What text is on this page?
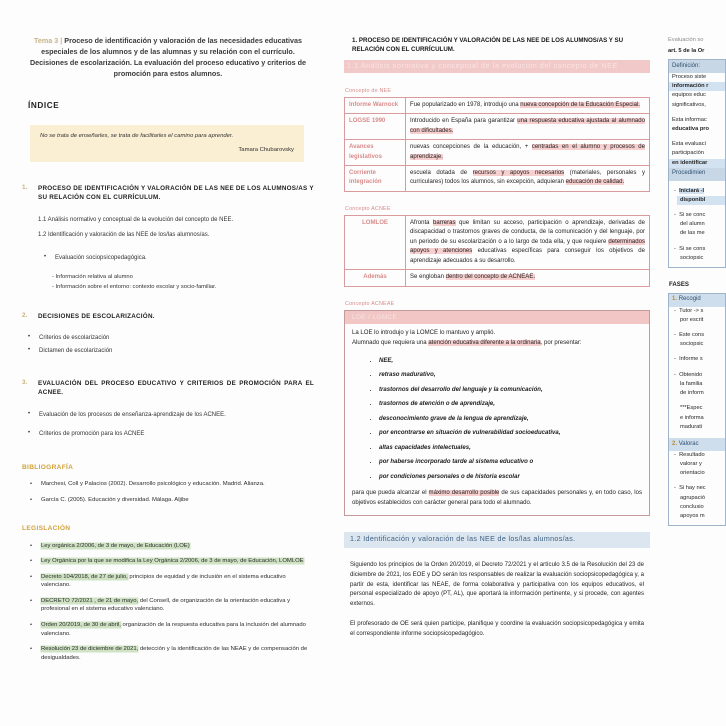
Tema 3 | Proceso de identificación y valoración de las necesidades educativas especiales de los alumnos y de las alumnas y su relación con el currículo. Decisiones de escolarización. La evaluación del proceso educativo y criterios de promoción para estos alumnos.
ÍNDICE
No se trata de enseñarles, se trata de facilitarles el camino para aprender.
Tamara Chubarovsky
1.	PROCESO DE IDENTIFICACIÓN Y VALORACIÓN DE LAS NEE DE LOS ALUMNOS/AS Y SU RELACIÓN CON EL CURRÍCULUM.
1.1 Análisis normativo y conceptual de la evolución del concepto de NEE.
1.2 Identificación y valoración de las NEE de los/las alumnos/as.
•	Evaluación sociopsicopedagógica.
- Información relativa al alumno
- Información sobre el entorno: contexto escolar y socio-familiar.
2.	DECISIONES DE ESCOLARIZACIÓN.
•	Criterios de escolarización
•	Dictamen de escolarización
3.	EVALUACIÓN DEL PROCESO EDUCATIVO Y CRITERIOS DE PROMOCIÓN PARA EL ACNEE.
•	Evaluación de los procesos de enseñanza-aprendizaje de los ACNEE.
•	Criterios de promoción para los ACNEE
BIBLIOGRAFÍA
•	Marchesi, Coll y Palacios (2002). Desarrollo psicológico y educación. Madrid. Alianza.
•	García C. (2005). Educación y diversidad. Málaga. Aljibe
LEGISLACIÓN
•	Ley orgánica 2/2006, de 3 de mayo, de Educación (LOE)
•	Ley Orgánica por la que se modifica la Ley Orgánica 2/2006, de 3 de mayo, de Educación, LOMLOE
•	Decreto 104/2018, de 27 de julio, principios de equidad y de inclusión en el sistema educativo valenciano.
•	DECRETO 72/2021 , de 21 de mayo, del Consell, de organización de la orientación educativa y profesional en el sistema educativo valenciano.
•	Orden 20/2019, de 30 de abril, organización de la respuesta educativa para la inclusión del alumnado valenciano.
•	Resolución 23 de diciembre de 2021, detección y la identificación de las NEAE y de compensación de desigualdades.
1. PROCESO DE IDENTIFICACIÓN Y VALORACIÓN DE LAS NEE DE LOS ALUMNOS/AS Y SU RELACIÓN CON EL CURRÍCULUM.
1.1 Análisis normativo y conceptual de la evolución del concepto de NEE
Concepto de NEE
Informe Warnock	Fue popularizado en 1978, introdujo una nueva concepción de la Educación Especial.
LOGSE 1990	Introducido en España para garantizar una respuesta educativa ajustada al alumnado con dificultades.
Avances legislativos	nuevas concepciones de la educación, + centradas en el alumno y procesos de aprendizaje.
Corriente integración	escuela dotada de recursos y apoyos necesarios (materiales, personales y curriculares) todos los alumnos, sin excepción, adquieran educación de calidad.
Concepto ACNEE
LOMLOE	Afronta barreras que limitan su acceso, participación o aprendizaje, derivadas de discapacidad o trastornos graves de conducta, de la comunicación y del lenguaje, por un periodo de su escolarización o a lo largo de toda ella, y que requiere determinados apoyos y atenciones educativas específicas para conseguir los objetivos de aprendizaje adecuados a su desarrollo.
Además	Se engloban dentro del concepto de ACNEAE.
Concepto ACNEAE
LOE / LOMCE
La LOE lo introdujo y la LOMCE lo mantuvo y amplió.
Alumnado que requiera una atención educativa diferente a la ordinaria, por presentar:
• NEE,
• retraso madurativo,
• trastornos del desarrollo del lenguaje y la comunicación,
• trastornos de atención o de aprendizaje,
• desconocimiento grave de la lengua de aprendizaje,
• por encontrarse en situación de vulnerabilidad socioeducativa,
• altas capacidades intelectuales,
• por haberse incorporado tarde al sistema educativo o
• por condiciones personales o de historia escolar
para que pueda alcanzar el máximo desarrollo posible de sus capacidades personales y, en todo caso, los objetivos establecidos con carácter general para todo el alumnado.
1.2 Identificación y valoración de las NEE de los/las alumnos/as.
Siguiendo los principios de la Orden 20/2019, el Decreto 72/2021 y el artículo 3.5 de la Resolución del 23 de diciembre de 2021, los EOE y DO serán los responsables de realizar la evaluación sociopsicopedagógica y, a partir de esta, identificar las NEAE, de forma colaborativa y participativa con los equipos educativos, el personal especializado de apoyo (PT, AL), que aportará la información pertinente, y si procede, con agentes externos.
El profesorado de OE será quien participe, planifique y coordine la evaluación sociopsicopedagógica y emita el correspondiente informe sociopsicopedagógico.
Evaluación so
art. 5 de la Or
Definición:
Proceso siste
información r
equipos educ
significativos,
Esta informac
educativa pro
Esta evaluaci
participación
en identificar
Procedimien
-  Iniciará -l
disponibl
-  Si se conc
del alumn
de las me
-  Si se cons
sociopsic
FASES
1. Recogid
-  Tutor -> s
por escrit
-  Este cons
sociopsic
-  Informe s
-  Obtenido
la familia
de inform
***Espec
e informa
madurati
2. Valorac
-  Resultado
valorar y
orientacio
-  Si hay nec
agrupació
conclusio
apoyos m
